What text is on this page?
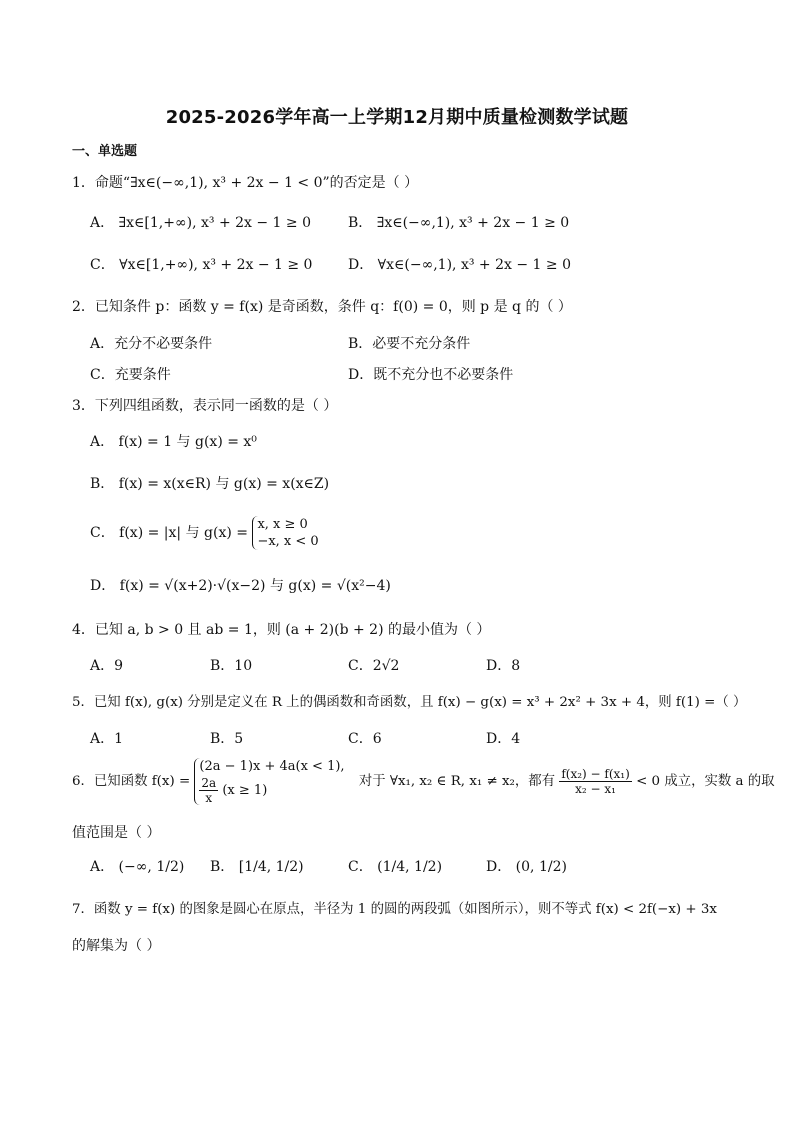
2025-2026学年高一上学期12月期中质量检测数学试题
一、单选题
1．命题“∃x∈(−∞,1), x³ + 2x − 1 < 0”的否定是（ ）
A． ∃x∈[1,+∞), x³ + 2x − 1 ≥ 0	B． ∃x∈(−∞,1), x³ + 2x − 1 ≥ 0
C． ∀x∈[1,+∞), x³ + 2x − 1 ≥ 0	D． ∀x∈(−∞,1), x³ + 2x − 1 ≥ 0
2．已知条件 p：函数 y = f(x) 是奇函数，条件 q：f(0) = 0，则 p 是 q 的（ ）
A．充分不必要条件	B．必要不充分条件
C．充要条件	D．既不充分也不必要条件
3．下列四组函数，表示同一函数的是（ ）
A． f(x) = 1 与 g(x) = x⁰
B． f(x) = x(x∈R) 与 g(x) = x(x∈Z)
C． f(x) = |x| 与 g(x) =
x, x ≥ 0
−x, x < 0
D． f(x) = √(x+2)·√(x−2) 与 g(x) = √(x²−4)
4．已知 a, b > 0 且 ab = 1，则 (a + 2)(b + 2) 的最小值为（ ）
A．9	B．10	C．2√2	D．8
5．已知 f(x), g(x) 分别是定义在 R 上的偶函数和奇函数，且 f(x) − g(x) = x³ + 2x² + 3x + 4，则 f(1) =（ ）
A．1	B．5	C．6	D．4
6．已知函数 f(x) =
(2a − 1)x + 4a(x < 1),
$\frac{2a}{x} (x \ge 1)$
对于 ∀x₁, x₂ ∈ R, x₁ ≠ x₂，都有 $\frac{\text{f(x₂) − f(x₁)}}{\text{x₂ − x₁}} < 0$ 成立，实数 a 的取
值范围是（ ）
A． (−∞, 1/2) B． [1/4, 1/2)	C． (1/4, 1/2)	D． (0, 1/2)
7．函数 y = f(x) 的图象是圆心在原点，半径为 1 的圆的两段弧（如图所示），则不等式 f(x) < 2f(−x) + 3x
的解集为（ ）
